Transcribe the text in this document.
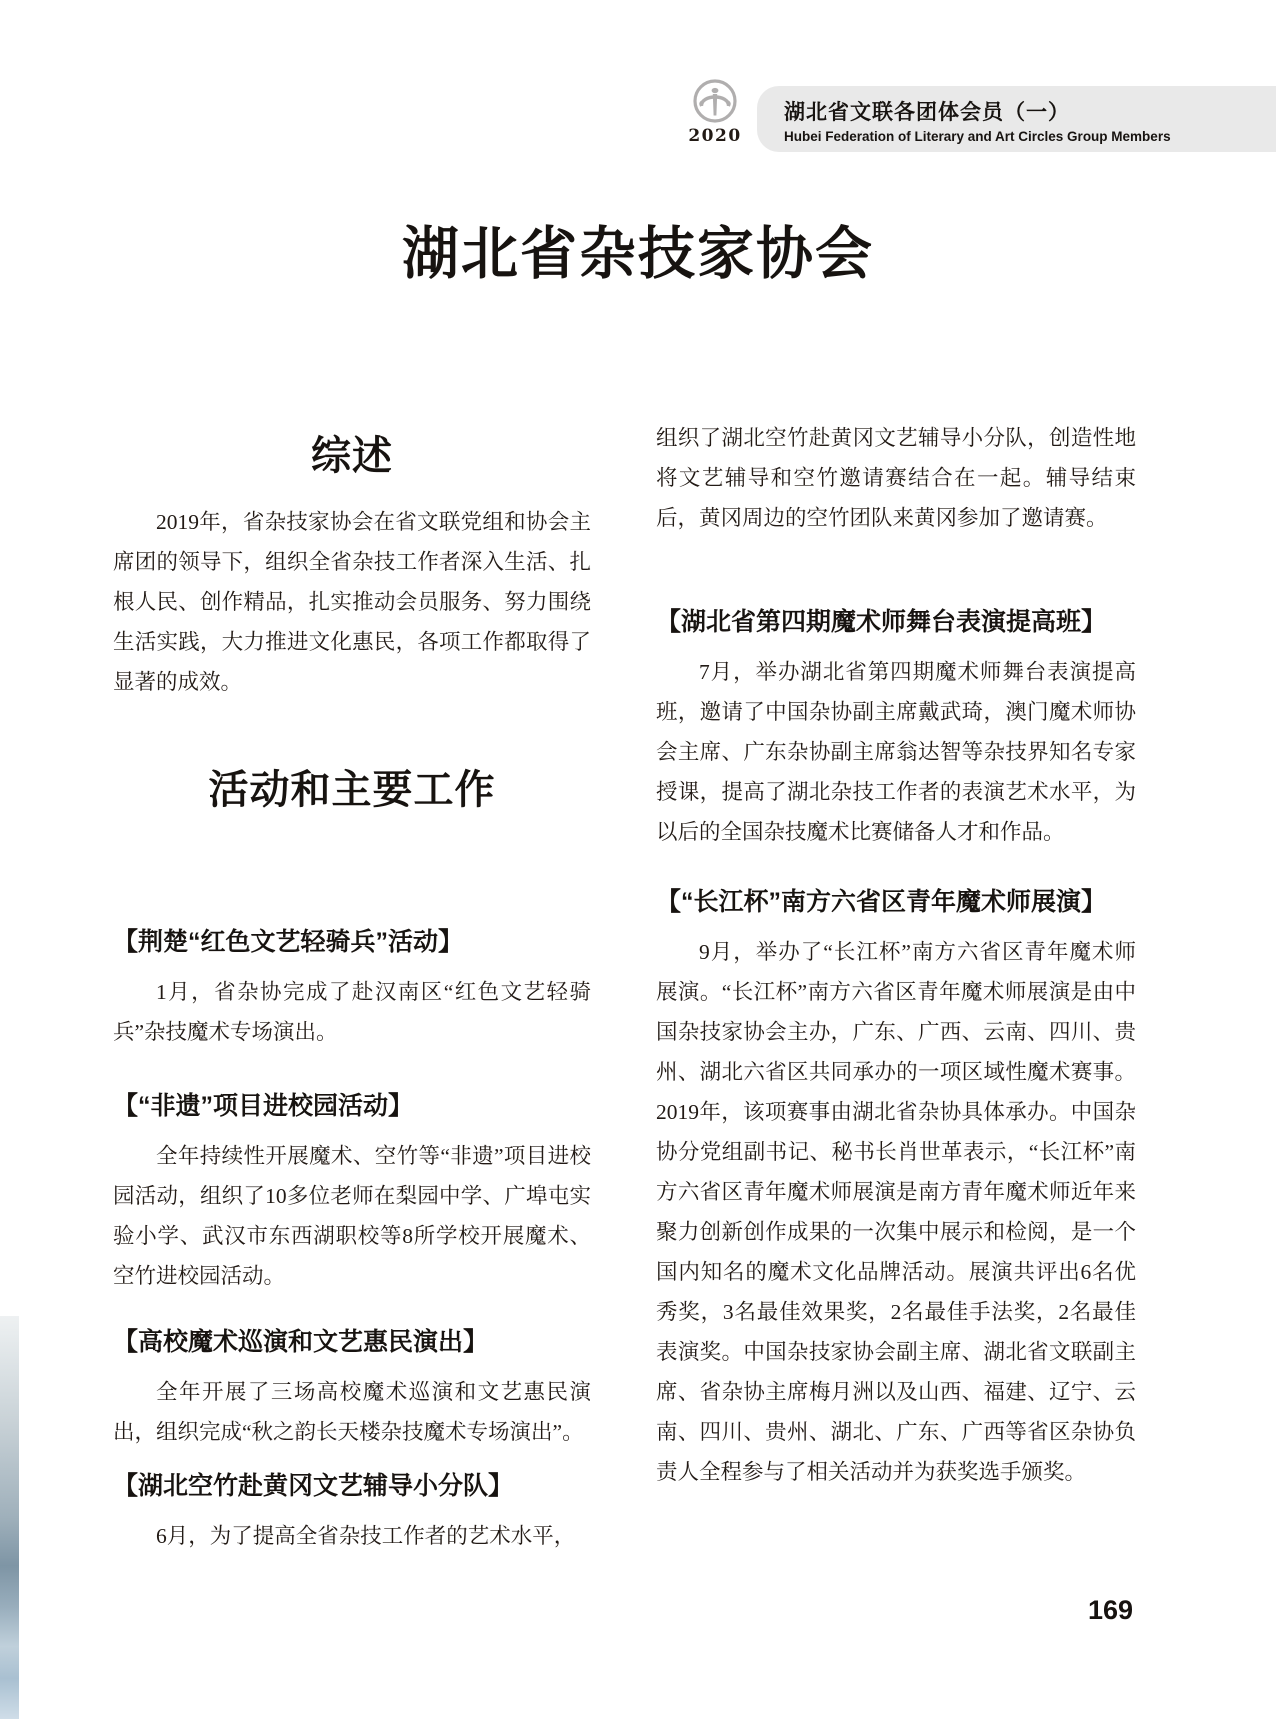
2020
湖北省文联各团体会员（一）
Hubei Federation of Literary and Art Circles Group Members
湖北省杂技家协会
综述

2019年，省杂技家协会在省文联党组和协会主席团的领导下，组织全省杂技工作者深入生活、扎根人民、创作精品，扎实推动会员服务、努力围绕生活实践，大力推进文化惠民，各项工作都取得了显著的成效。

活动和主要工作
【荆楚“红色文艺轻骑兵”活动】

1月，省杂协完成了赴汉南区“红色文艺轻骑兵”杂技魔术专场演出。

【“非遗”项目进校园活动】

全年持续性开展魔术、空竹等“非遗”项目进校园活动，组织了10多位老师在梨园中学、广埠屯实验小学、武汉市东西湖职校等8所学校开展魔术、空竹进校园活动。

【高校魔术巡演和文艺惠民演出】

全年开展了三场高校魔术巡演和文艺惠民演出，组织完成“秋之韵长天楼杂技魔术专场演出”。

【湖北空竹赴黄冈文艺辅导小分队】

6月，为了提高全省杂技工作者的艺术水平，

组织了湖北空竹赴黄冈文艺辅导小分队，创造性地将文艺辅导和空竹邀请赛结合在一起。辅导结束后，黄冈周边的空竹团队来黄冈参加了邀请赛。

【湖北省第四期魔术师舞台表演提高班】

7月，举办湖北省第四期魔术师舞台表演提高班，邀请了中国杂协副主席戴武琦，澳门魔术师协会主席、广东杂协副主席翁达智等杂技界知名专家授课，提高了湖北杂技工作者的表演艺术水平，为以后的全国杂技魔术比赛储备人才和作品。

【“长江杯”南方六省区青年魔术师展演】

9月，举办了“长江杯”南方六省区青年魔术师展演。“长江杯”南方六省区青年魔术师展演是由中国杂技家协会主办，广东、广西、云南、四川、贵州、湖北六省区共同承办的一项区域性魔术赛事。2019年，该项赛事由湖北省杂协具体承办。中国杂协分党组副书记、秘书长肖世革表示，“长江杯”南方六省区青年魔术师展演是南方青年魔术师近年来聚力创新创作成果的一次集中展示和检阅，是一个国内知名的魔术文化品牌活动。展演共评出6名优秀奖，3名最佳效果奖，2名最佳手法奖，2名最佳表演奖。中国杂技家协会副主席、湖北省文联副主席、省杂协主席梅月洲以及山西、福建、辽宁、云南、四川、贵州、湖北、广东、广西等省区杂协负责人全程参与了相关活动并为获奖选手颁奖。

169
